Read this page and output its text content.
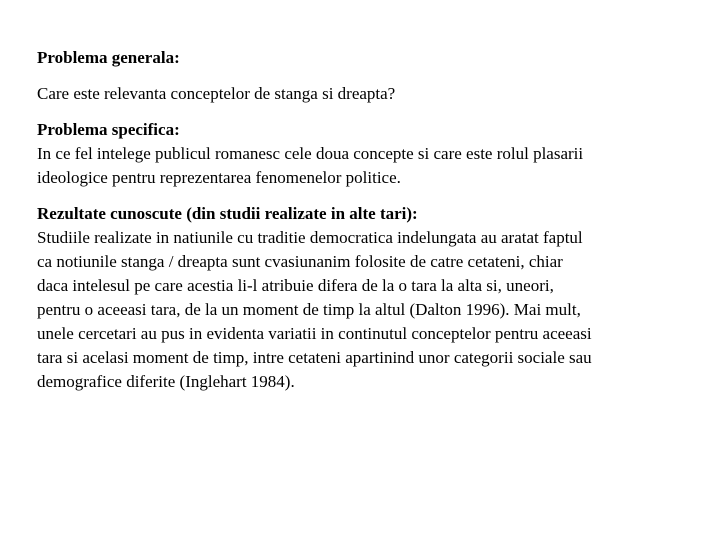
Problema generala:
Care este relevanta conceptelor de stanga si dreapta?
Problema specifica:
In ce fel intelege publicul romanesc cele doua concepte si care este rolul plasarii
ideologice pentru reprezentarea fenomenelor politice.
Rezultate cunoscute (din studii realizate in alte tari):
Studiile realizate in natiunile cu traditie democratica indelungata au aratat faptul
ca notiunile stanga / dreapta sunt cvasiunanim folosite de catre cetateni, chiar
daca intelesul pe care acestia li-l atribuie difera de la o tara la alta si, uneori,
pentru o aceeasi tara, de la un moment de timp la altul (Dalton 1996). Mai mult,
unele cercetari au pus in evidenta variatii in continutul conceptelor pentru aceeasi
tara si acelasi moment de timp, intre cetateni apartinind unor categorii sociale sau
demografice diferite (Inglehart 1984).
